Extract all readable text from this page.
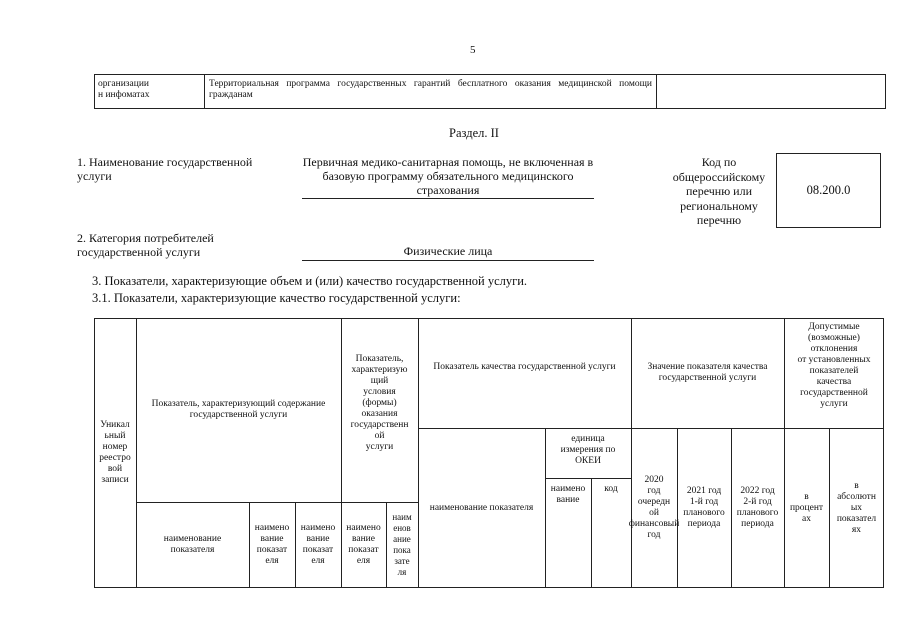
5
организации
н инфоматах
Территориальная программа государственных гарантий бесплатного оказания медицинской помощи гражданам
Раздел. II
1. Наименование государственной услуги
Первичная медико-санитарная помощь, не включенная в базовую программу обязательного медицинского страхования
Код по общероссийскому перечню или региональному перечню
08.200.0
2. Категория потребителей государственной услуги	Физические лица
3. Показатели, характеризующие объем и (или) качество государственной услуги.
3.1. Показатели, характеризующие качество государственной услуги:
Уникал
ьный
номер
реестро
вой
записи
Показатель, характеризующий содержание государственной услуги
Показатель,
характеризую
щий
условия
(формы)
оказания
государственн
ой
услуги
Показатель качества государственной услуги	Значение показателя качества государственной услуги
Допустимые
(возможные)
отклонения
от установленных
показателей
качества
государственной
услуги
наименование
показателя
наимено
вание
показат
еля
наимено
вание
показат
еля
наимено
вание
показат
еля
наим
енов
ание
пока
зате
ля
наименование показателя
единица
измерения по
ОКЕИ
наимено
вание
код
2020
год
очередн
ой
финансовый
год
2021 год
1-й год
планового
периода
2022 год
2-й год
планового
периода
в
процент
ах
в
абсолютн
ых
показател
ях
